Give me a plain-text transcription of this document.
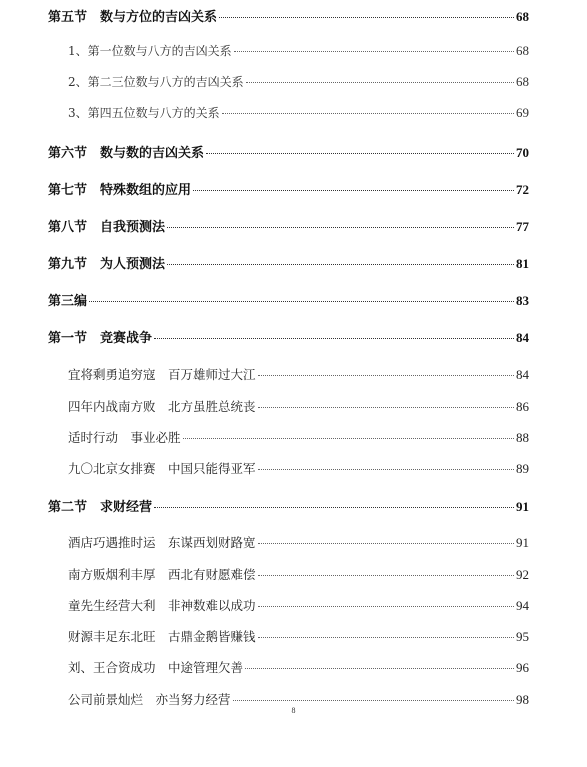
第五节　数与方位的吉凶关系	68
1、第一位数与八方的吉凶关系	68
2、第二三位数与八方的吉凶关系	68
3、第四五位数与八方的关系	69
第六节　数与数的吉凶关系	70
第七节　特殊数组的应用	72
第八节　自我预测法	77
第九节　为人预测法	81
第三编	83
第一节　竞赛战争	84
宜将剩勇追穷寇　百万雄师过大江	84
四年内战南方败　北方虽胜总统丧	86
适时行动　事业必胜	88
九〇北京女排赛　中国只能得亚军	89
第二节　求财经营	91
酒店巧遇推时运　东谋西划财路宽	91
南方贩烟利丰厚　西北有财愿难偿	92
童先生经营大利　非神数难以成功	94
财源丰足东北旺　古鼎金鹅皆赚钱	95
刘、王合资成功　中途管理欠善	96
公司前景灿烂　亦当努力经营	98
8
